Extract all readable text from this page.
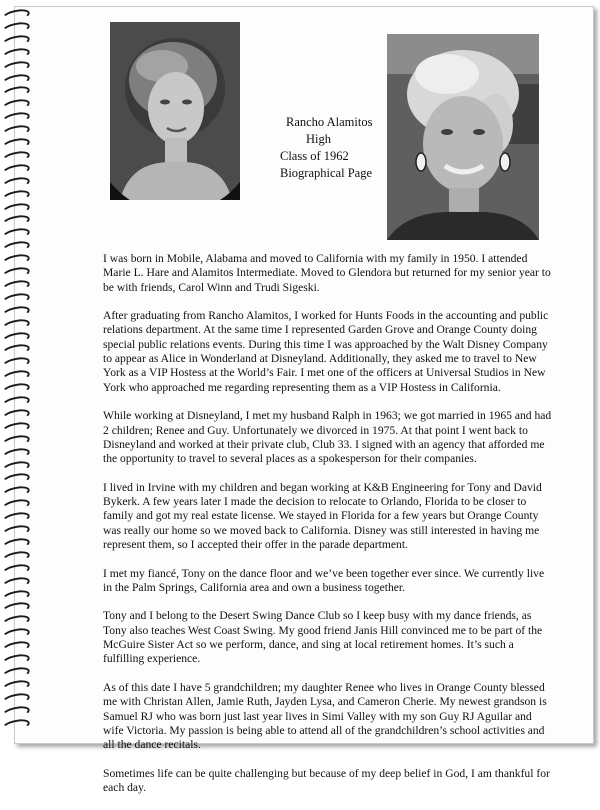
Rancho Alamitos
High
Class of 1962
Biographical Page

I was born in Mobile, Alabama and moved to California with my family in 1950. I attended Marie L. Hare and Alamitos Intermediate. Moved to Glendora but returned for my senior year to be with friends, Carol Winn and Trudi Sigeski.

After graduating from Rancho Alamitos, I worked for Hunts Foods in the accounting and public relations department. At the same time I represented Garden Grove and Orange County doing special public relations events. During this time I was approached by the Walt Disney Company to appear as Alice in Wonderland at Disneyland. Additionally, they asked me to travel to New York as a VIP Hostess at the World’s Fair. I met one of the officers at Universal Studios in New York who approached me regarding representing them as a VIP Hostess in California.

While working at Disneyland, I met my husband Ralph in 1963; we got married in 1965 and had 2 children; Renee and Guy. Unfortunately we divorced in 1975. At that point I went back to Disneyland and worked at their private club, Club 33. I signed with an agency that afforded me the opportunity to travel to several places as a spokesperson for their companies.

I lived in Irvine with my children and began working at K&B Engineering for Tony and David Bykerk. A few years later I made the decision to relocate to Orlando, Florida to be closer to family and got my real estate license. We stayed in Florida for a few years but Orange County was really our home so we moved back to California. Disney was still interested in having me represent them, so I accepted their offer in the parade department.

I met my fiancé, Tony on the dance floor and we’ve been together ever since. We currently live in the Palm Springs, California area and own a business together.

Tony and I belong to the Desert Swing Dance Club so I keep busy with my dance friends, as Tony also teaches West Coast Swing. My good friend Janis Hill convinced me to be part of the McGuire Sister Act so we perform, dance, and sing at local retirement homes. It’s such a fulfilling experience.

As of this date I have 5 grandchildren; my daughter Renee who lives in Orange County blessed me with Christan Allen, Jamie Ruth, Jayden Lysa, and Cameron Cherie. My newest grandson is Samuel RJ who was born just last year lives in Simi Valley with my son Guy RJ Aguilar and wife Victoria. My passion is being able to attend all of the grandchildren’s school activities and all the dance recitals.

Sometimes life can be quite challenging but because of my deep belief in God, I am thankful for each day.
